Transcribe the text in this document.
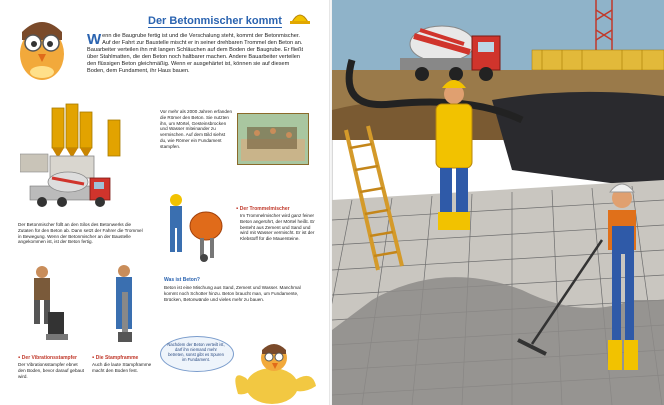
Der Betonmischer kommt

Wenn die Baugrube fertig ist und die Verschalung steht, kommt der Betonmischer. Auf der Fahrt zur Baustelle mischt er in seiner drehbaren Trommel den Beton an. Bauarbeiter verteilen ihn mit langen Schläuchen auf dem Boden der Baugrube. Er fließt über Stahlmatten, die den Beton noch haltbarer machen. Andere Bauarbeiter verteilen den flüssigen Beton gleichmäßig. Wenn er ausgehärtet ist, können sie auf diesem Boden, dem Fundament, ihr Haus bauen.

Vor mehr als 2000 Jahren erfanden die Römer den Beton. Sie nutzten ihn, um Mörtel, Gesteinsbrocken und Wasser miteinander zu vermischen. Auf dem Bild siehst du, wie Römer ein Fundament stampfen.

Der Betonmischer füllt an den Silos des Betonwerks die Zutaten für den Beton ab. Dann setzt der Fahrer die Trommel in Bewegung. Wenn der Betonmischer an der Baustelle angekommen ist, ist der Beton fertig.

▪ Der Trommelmischer

Im Trommelmischer wird ganz feiner Beton angerührt, der Mörtel heißt. Er besteht aus Zement und Sand und wird mit Wasser vermischt. Er ist der Klebstoff für die Mauersteine.

Was ist Beton?

Beton ist eine Mischung aus Sand, Zement und Wasser. Manchmal kommt noch Schotter hinzu. Beton braucht man, um Fundamente, Brücken, Betonwände und vieles mehr zu bauen.

▪ Der Vibrationsstampfer

Der Vibrationsstampfer ebnet den Boden, bevor darauf gebaut wird.

▪ Die Stampframme

Auch die laute Stampframme macht den Boden fest.

Nachdem der Beton verteilt ist, darf ihn niemand mehr betreten, sonst gibt es Spuren im Fundament.
